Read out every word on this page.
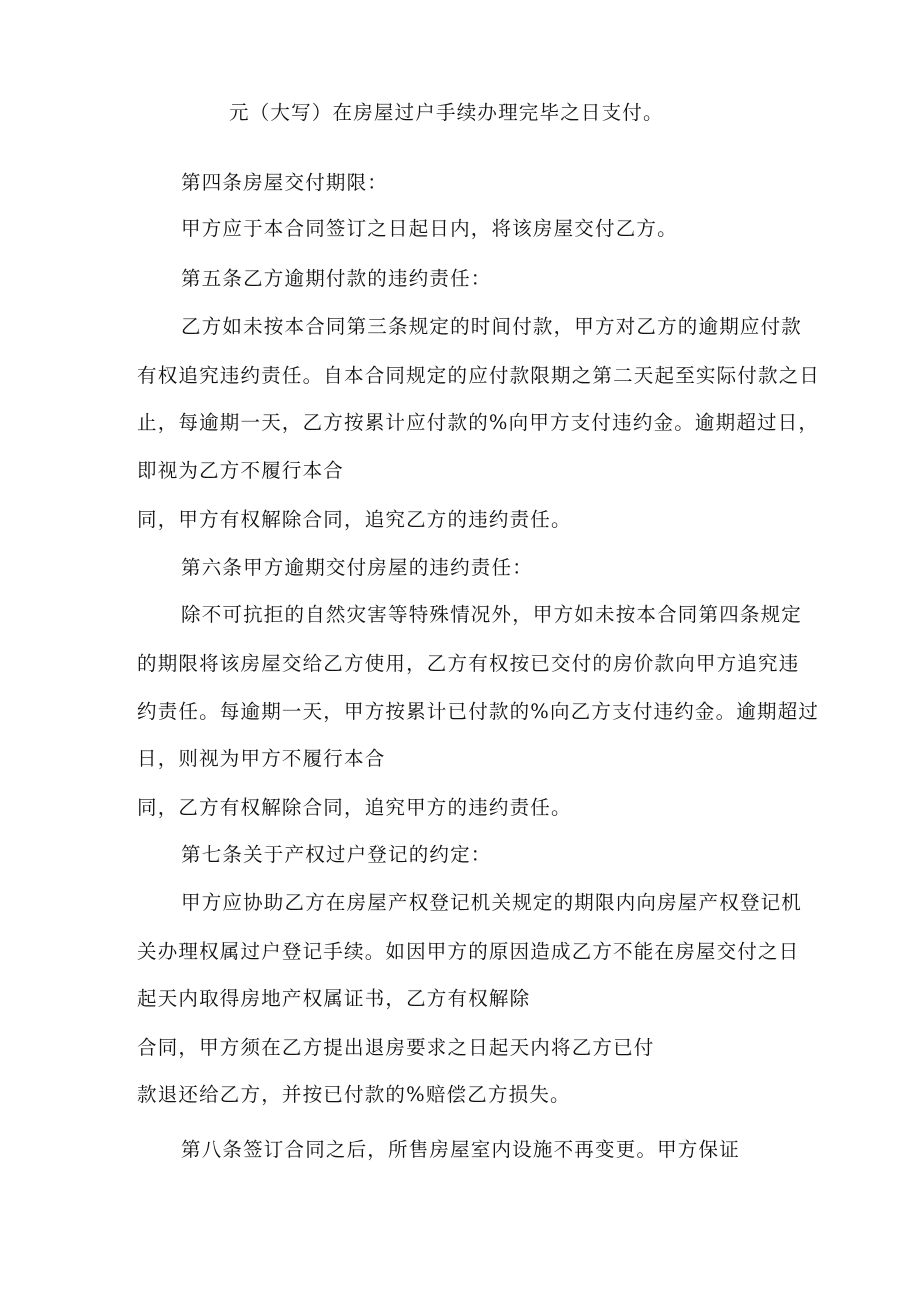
元（大写）在房屋过户手续办理完毕之日支付。
第四条房屋交付期限：
甲方应于本合同签订之日起日内，将该房屋交付乙方。
第五条乙方逾期付款的违约责任：
乙方如未按本合同第三条规定的时间付款，甲方对乙方的逾期应付款
有权追究违约责任。自本合同规定的应付款限期之第二天起至实际付款之日
止，每逾期一天，乙方按累计应付款的%向甲方支付违约金。逾期超过日，
即视为乙方不履行本合
同，甲方有权解除合同，追究乙方的违约责任。
第六条甲方逾期交付房屋的违约责任：
除不可抗拒的自然灾害等特殊情况外，甲方如未按本合同第四条规定
的期限将该房屋交给乙方使用，乙方有权按已交付的房价款向甲方追究违
约责任。每逾期一天，甲方按累计已付款的%向乙方支付违约金。逾期超过
日，则视为甲方不履行本合
同，乙方有权解除合同，追究甲方的违约责任。
第七条关于产权过户登记的约定：
甲方应协助乙方在房屋产权登记机关规定的期限内向房屋产权登记机
关办理权属过户登记手续。如因甲方的原因造成乙方不能在房屋交付之日
起天内取得房地产权属证书，乙方有权解除
合同，甲方须在乙方提出退房要求之日起天内将乙方已付
款退还给乙方，并按已付款的%赔偿乙方损失。
第八条签订合同之后，所售房屋室内设施不再变更。甲方保证
